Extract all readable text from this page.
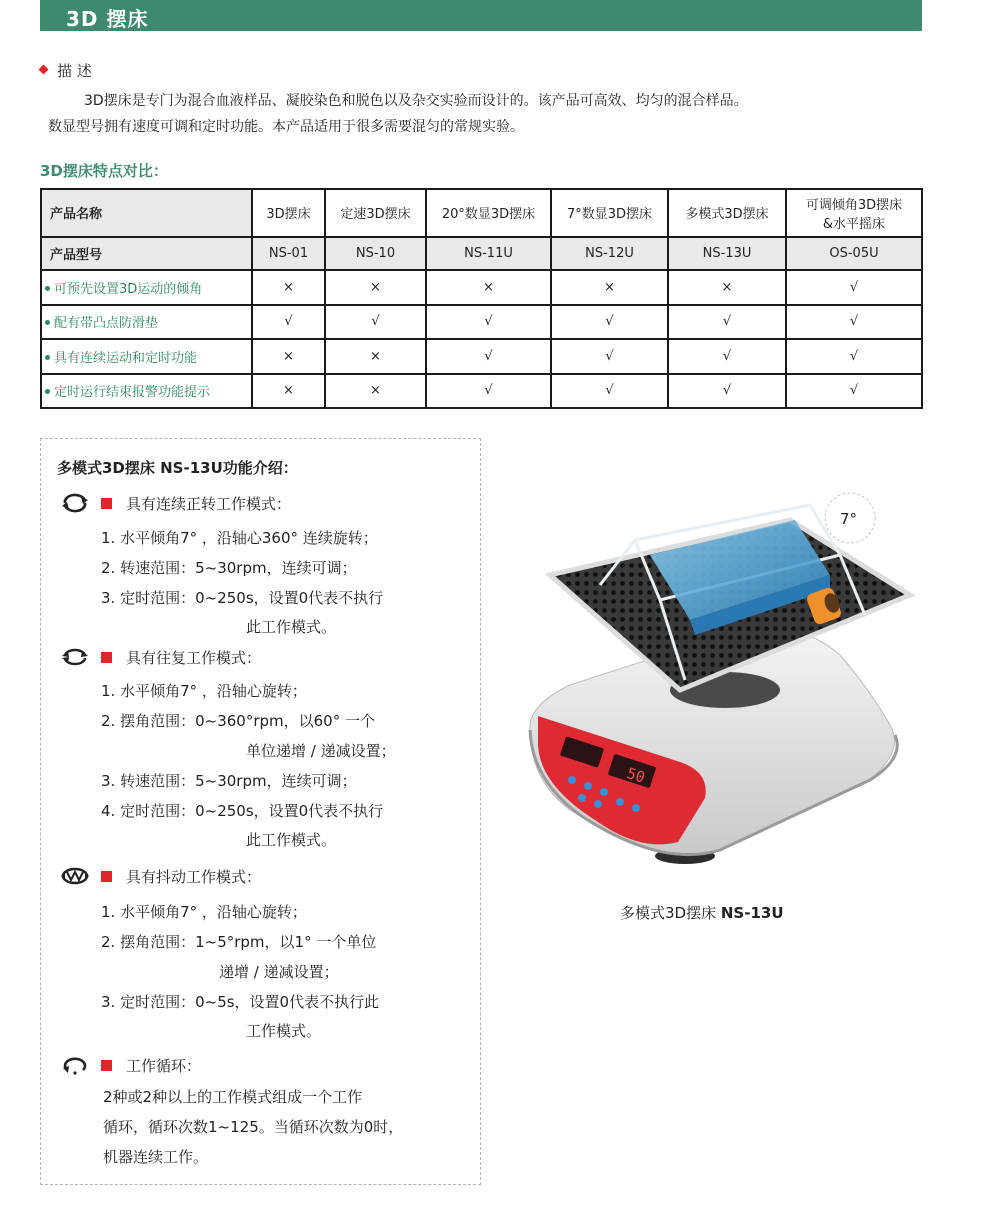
3D 摆床
描 述

3D摆床是专门为混合血液样品、凝胶染色和脱色以及杂交实验而设计的。该产品可高效、均匀的混合样品。

数显型号拥有速度可调和定时功能。本产品适用于很多需要混匀的常规实验。

3D摆床特点对比：
产品名称	3D摆床	定速3D摆床	20°数显3D摆床	7°数显3D摆床	多模式3D摆床	可调倾角3D摆床
&水平摇床

产品型号	NS-01	NS-10	NS-11U	NS-12U	NS-13U	OS-05U
可预先设置3D运动的倾角	×	×	×	×	×	√
配有带凸点防滑垫	√	√	√	√	√	√
具有连续运动和定时功能	×	×	√	√	√	√
定时运行结束报警功能提示	×	×	√	√	√	√
多模式3D摆床 NS-13U功能介绍：
具有连续正转工作模式：
1. 水平倾角7° ，沿轴心360° 连续旋转；
2. 转速范围：5~30rpm，连续可调；
3. 定时范围：0~250s，设置0代表不执行
此工作模式。
具有往复工作模式：
1. 水平倾角7° ，沿轴心旋转；
2. 摆角范围：0~360°rpm，以60° 一个
单位递增 / 递减设置；
3. 转速范围：5~30rpm，连续可调；
4. 定时范围：0~250s，设置0代表不执行
此工作模式。
具有抖动工作模式：
1. 水平倾角7° ，沿轴心旋转；
2. 摆角范围：1~5°rpm，以1° 一个单位
递增 / 递减设置；
3. 定时范围：0~5s，设置0代表不执行此
工作模式。
工作循环：
2种或2种以上的工作模式组成一个工作
循环，循环次数1~125。当循环次数为0时，
机器连续工作。
50
7°
多模式3D摆床 NS-13U
